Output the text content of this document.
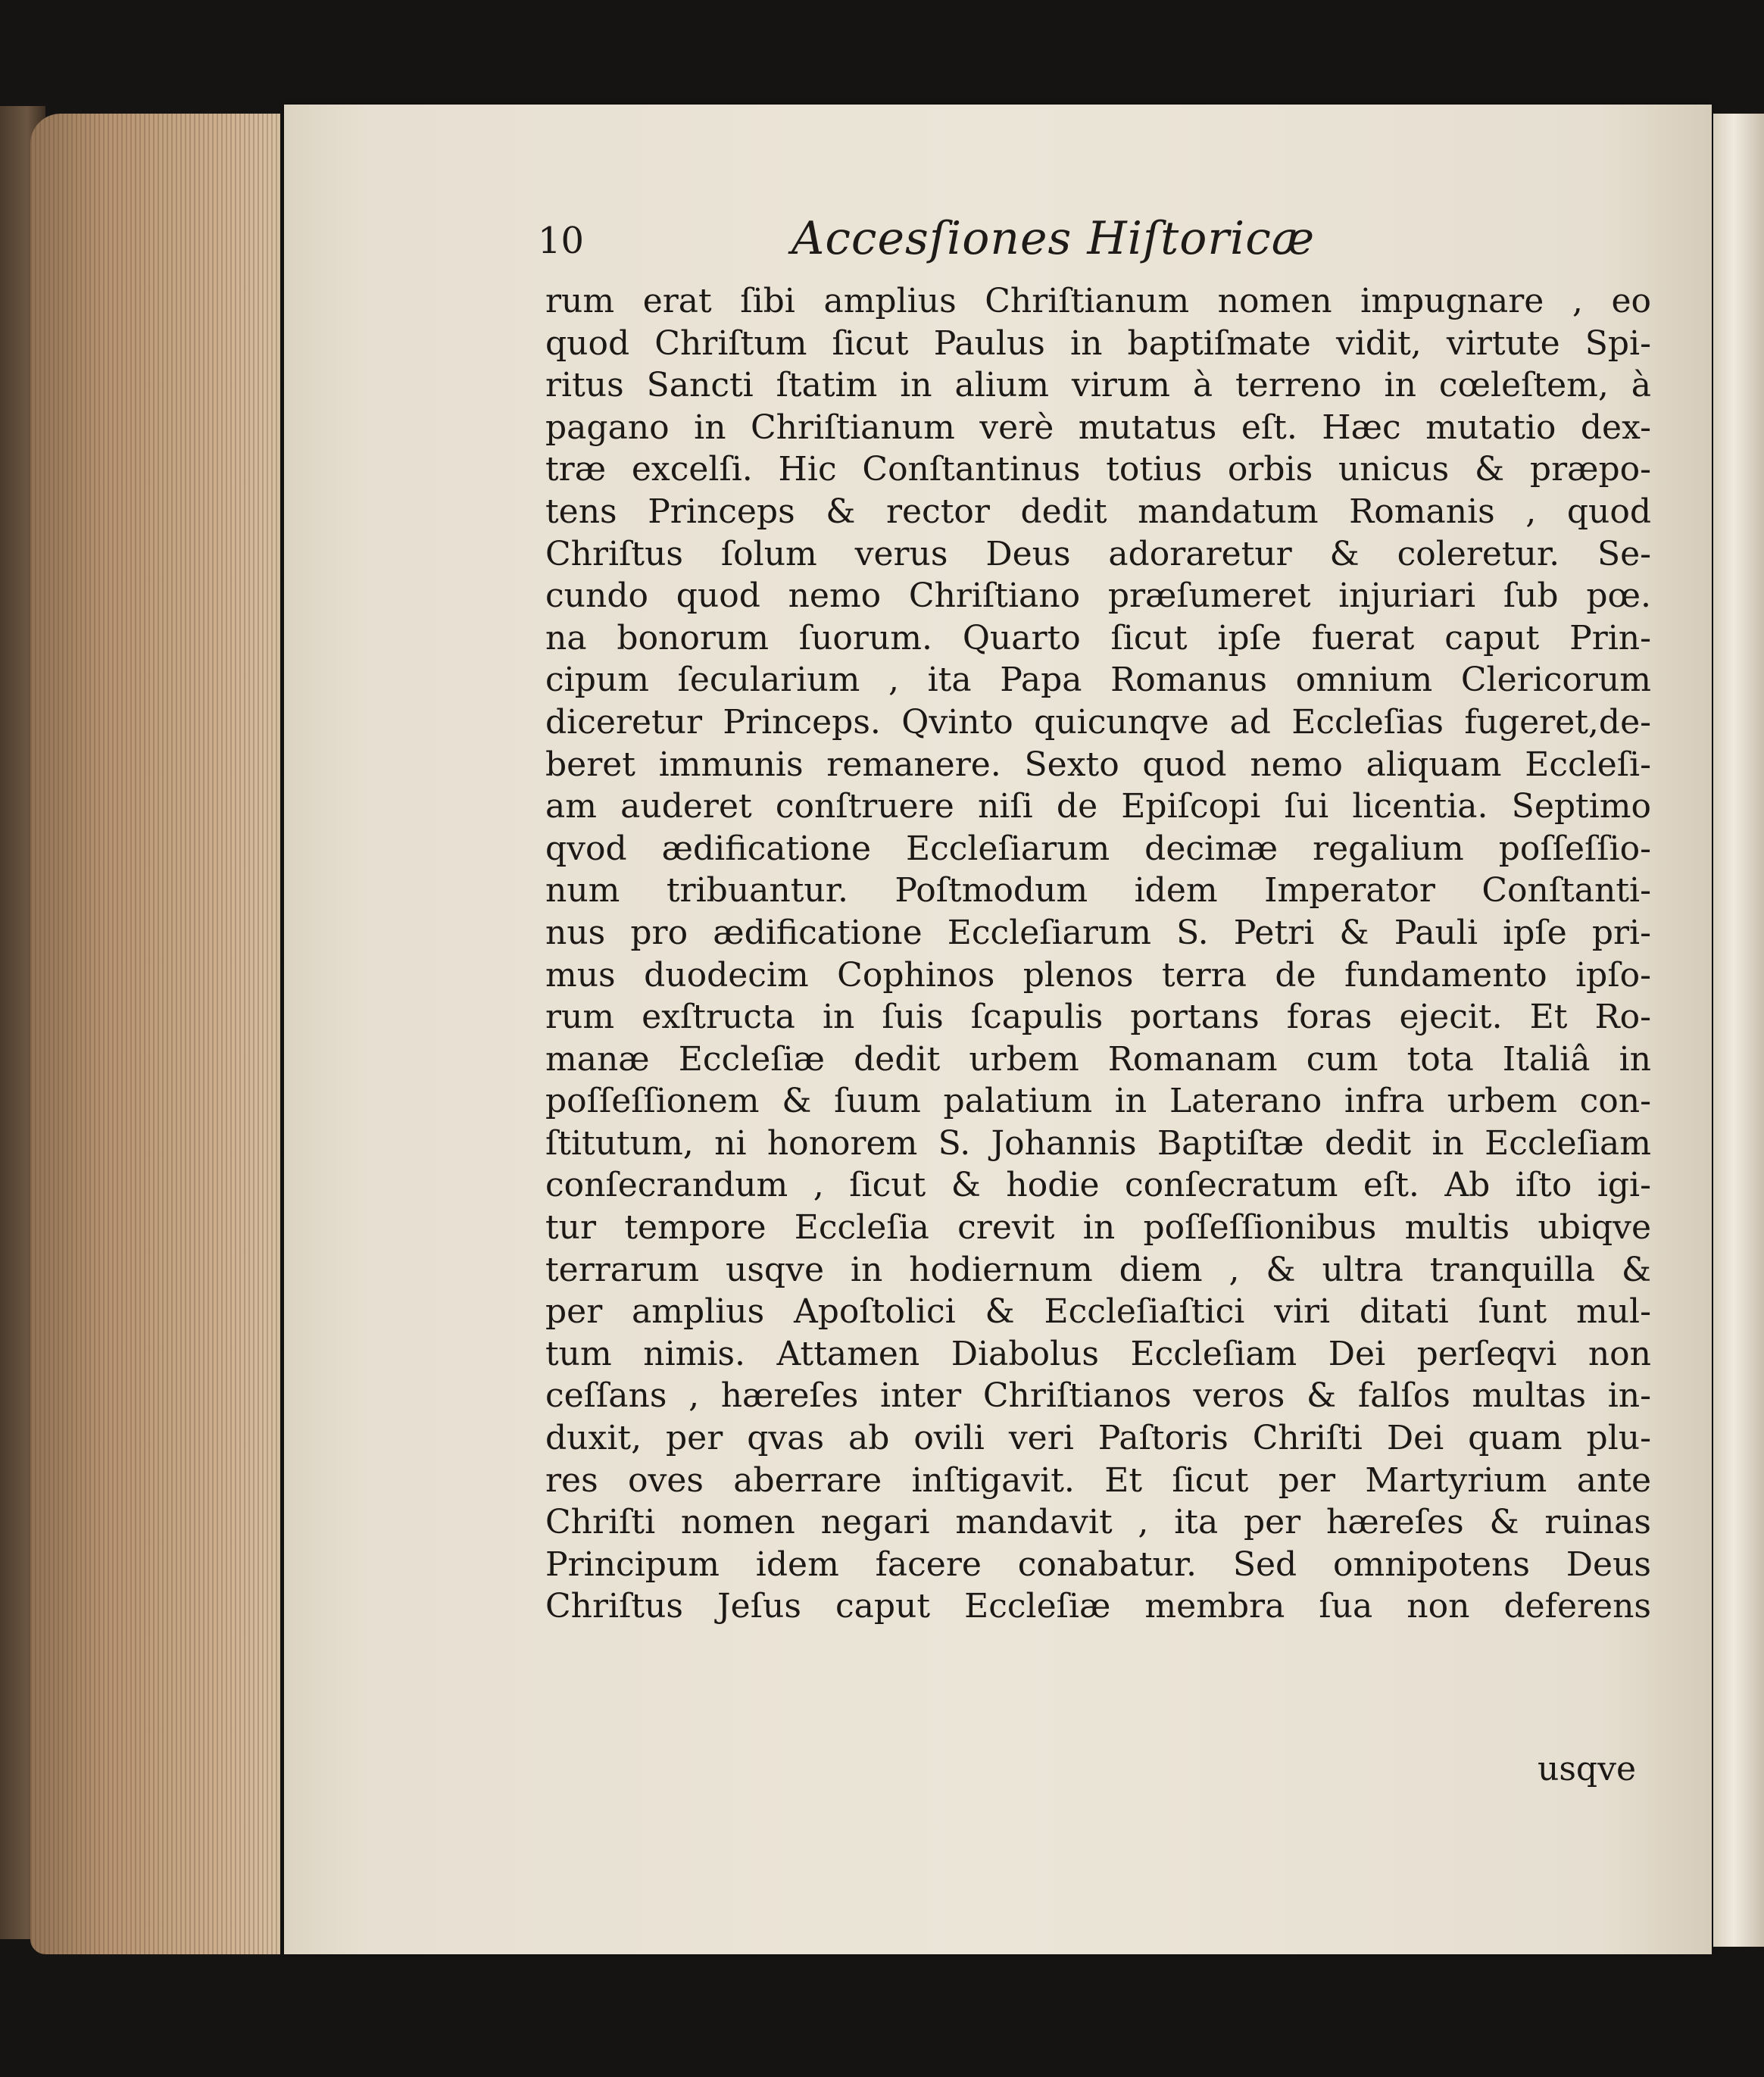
10	Accesſiones Hiſtoricæ
rum erat ſibi amplius Chriſtianum nomen impugnare , eo
quod Chriſtum ſicut Paulus in baptiſmate vidit, virtute Spi-
ritus Sancti ſtatim in alium virum à terreno in cœleſtem, à
pagano in Chriſtianum verè mutatus eſt. Hæc mutatio dex-
træ excelſi. Hic Conſtantinus totius orbis unicus & præpo-
tens Princeps & rector dedit mandatum Romanis , quod
Chriſtus ſolum verus Deus adoraretur & coleretur. Se-
cundo quod nemo Chriſtiano præſumeret injuriari ſub pœ.
na bonorum ſuorum. Quarto ſicut ipſe fuerat caput Prin-
cipum ſecularium , ita Papa Romanus omnium Clericorum
diceretur Princeps. Qvinto quicunqve ad Eccleſias fugeret,de-
beret immunis remanere. Sexto quod nemo aliquam Eccleſi-
am auderet conſtruere niſi de Epiſcopi ſui licentia. Septimo
qvod ædificatione Eccleſiarum decimæ regalium poſſeſſio-
num tribuantur. Poſtmodum idem Imperator Conſtanti-
nus pro ædificatione Eccleſiarum S. Petri & Pauli ipſe pri-
mus duodecim Cophinos plenos terra de fundamento ipſo-
rum exſtructa in ſuis ſcapulis portans foras ejecit. Et Ro-
manæ Eccleſiæ dedit urbem Romanam cum tota Italiâ in
poſſeſſionem & ſuum palatium in Laterano infra urbem con-
ſtitutum, ni honorem S. Johannis Baptiſtæ dedit in Eccleſiam
conſecrandum , ſicut & hodie conſecratum eſt. Ab iſto igi-
tur tempore Eccleſia crevit in poſſeſſionibus multis ubiqve
terrarum usqve in hodiernum diem , & ultra tranquilla &
per amplius Apoſtolici & Eccleſiaſtici viri ditati ſunt mul-
tum nimis. Attamen Diabolus Eccleſiam Dei perſeqvi non
ceſſans , hæreſes inter Chriſtianos veros & falſos multas in-
duxit, per qvas ab ovili veri Paſtoris Chriſti Dei quam plu-
res oves aberrare inſtigavit. Et ſicut per Martyrium ante
Chriſti nomen negari mandavit , ita per hæreſes & ruinas
Principum idem facere conabatur. Sed omnipotens Deus
Chriſtus Jeſus caput Eccleſiæ membra ſua non deferens
usqve
